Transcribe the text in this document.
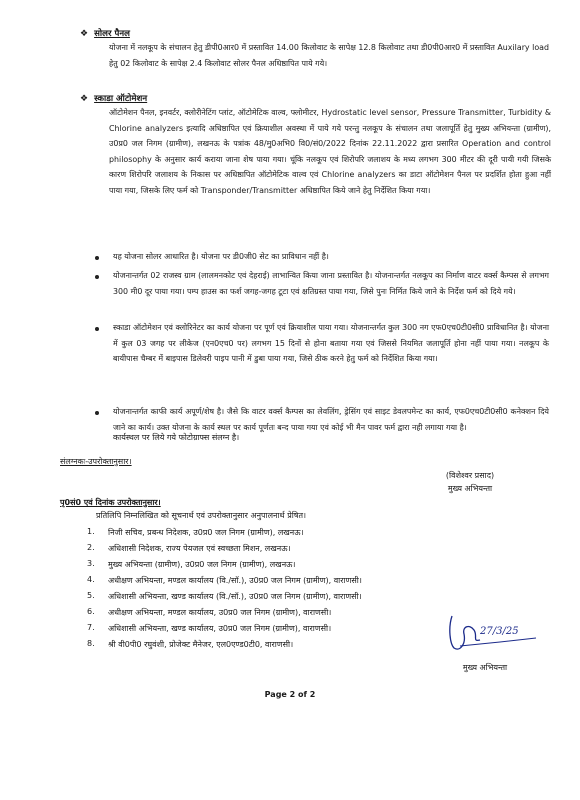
❖ सोलर पैनल
योजना में नलकूप के संचालन हेतु डीपी0आर0 में प्रस्तावित 14.00 किलोवाट के सापेक्ष 12.8 किलोवाट तथा डी0पी0आर0 में प्रस्तावित Auxilary load हेतु 02 किलोवाट के सापेक्ष 2.4 किलोवाट सोलर पैनल अधिष्ठापित पाये गये।
❖ स्काडा ऑटोमेशन
ऑटोमेशन पैनल, इनवर्टर, क्लोरीनेटिंग प्लांट, ऑटोमेटिक वाल्व, फ्लोमीटर, Hydrostatic level sensor, Pressure Transmitter, Turbidity & Chlorine analyzers इत्यादि अधिष्ठापित एवं क्रियाशील अवस्था में पाये गये परन्तु नलकूप के संचालन तथा जलापूर्ति हेतु मुख्य अभियन्ता (ग्रामीण), उ0प्र0 जल निगम (ग्रामीण), लखनऊ के पत्रांक 48/मु0अभि0 वि0/सं0/2022 दिनांक 22.11.2022 द्वारा प्रसारित Operation and control philosophy के अनुसार कार्य कराया जाना शेष पाया गया। चूंकि नलकूप एवं शिरोपरि जलाशय के मध्य लगभग 300 मीटर की दूरी पायी गयी जिसके कारण शिरोपरि जलाशय के निकास पर अधिष्ठापित ऑटोमेटिक वाल्व एवं Chlorine analyzers का डाटा ऑटोमेशन पैनल पर प्रदर्शित होता हुआ नहीं पाया गया, जिसके लिए फर्म को Transponder/Transmitter अधिष्ठापित किये जाने हेतु निर्देशित किया गया।
यह योजना सोलर आधारित है। योजना पर डी0जी0 सेट का प्राविधान नहीं है।
योजनान्तर्गत 02 राजस्व ग्राम (लालमनकोट एवं देहराई) लाभान्वित किया जाना प्रस्तावित है। योजनान्तर्गत नलकूप का निर्माण वाटर वर्क्स कैम्पस से लगभग 300 मी0 दूर पाया गया। पम्प हाउस का फर्श जगह-जगह टूटा एवं क्षतिग्रस्त पाया गया, जिसे पुनः निर्मित किये जाने के निर्देश फर्म को दिये गये।
स्काडा ऑटोमेशन एवं क्लोरिनेटर का कार्य योजना पर पूर्ण एवं क्रियाशील पाया गया। योजनान्तर्गत कुल 300 नग एफ0एच0टी0सी0 प्राविधानित है। योजना में कुल 03 जगह पर लीकेज (एन0एच0 पर) लगभग 15 दिनों से होना बताया गया एवं जिससे नियमित जलापूर्ति होना नहीं पाया गया। नलकूप के बायीपास चैम्बर में बाइपास डिलेवरी पाइप पानी में डुबा पाया गया, जिसे ठीक करने हेतु फर्म को निर्देशित किया गया।
योजनान्तर्गत काफी कार्य अपूर्ण/शेष है। जैसे कि वाटर वर्क्स कैम्पस का लेवलिंग, ड्रेसिंग एवं साइट डेवलपमेन्ट का कार्य, एफ0एच0टी0सी0 कनेक्शन दिये जाने का कार्य। उक्त योजना के कार्य स्थल पर कार्य पूर्णतः बन्द पाया गया एवं कोई भी मैन पावर फर्म द्वारा नही लगाया गया है।
कार्यस्थल पर लिये गये फोटोग्राफ्स संलग्न है।
संलग्नकः-उपरोक्तानुसार।
(विशेश्वर प्रसाद)
मुख्य अभियन्ता
पृ0सं0 एवं दिनांक उपरोक्तानुसार।
प्रतिलिपि निम्नलिखित को सूचनार्थ एवं उपरोक्तानुसार अनुपालनार्थ प्रेषित।
1. निजी सचिव, प्रबन्ध निदेशक, उ0प्र0 जल निगम (ग्रामीण), लखनऊ।
2. अधिशासी निदेशक, राज्य पेयजल एवं स्वच्छता मिशन, लखनऊ।
3. मुख्य अभियन्ता (ग्रामीण), उ0प्र0 जल निगम (ग्रामीण), लखनऊ।
4. अधीक्षण अभियन्ता, मण्डल कार्यालय (वि./सॉ.), उ0प्र0 जल निगम (ग्रामीण), वाराणसी।
5. अधिशासी अभियन्ता, खण्ड कार्यालय (वि./सॉ.), उ0प्र0 जल निगम (ग्रामीण), वाराणसी।
6. अधीक्षण अभियन्ता, मण्डल कार्यालय, उ0प्र0 जल निगम (ग्रामीण), वाराणसी।
7. अधिशासी अभियन्ता, खण्ड कार्यालय, उ0प्र0 जल निगम (ग्रामीण), वाराणसी।
8. श्री वी0पी0 रघुवंशी, प्रोजेक्ट मैनेजर, एल0एण्ड0टी0, वाराणसी।
27/3/25
मुख्य अभियन्ता
Page 2 of 2
